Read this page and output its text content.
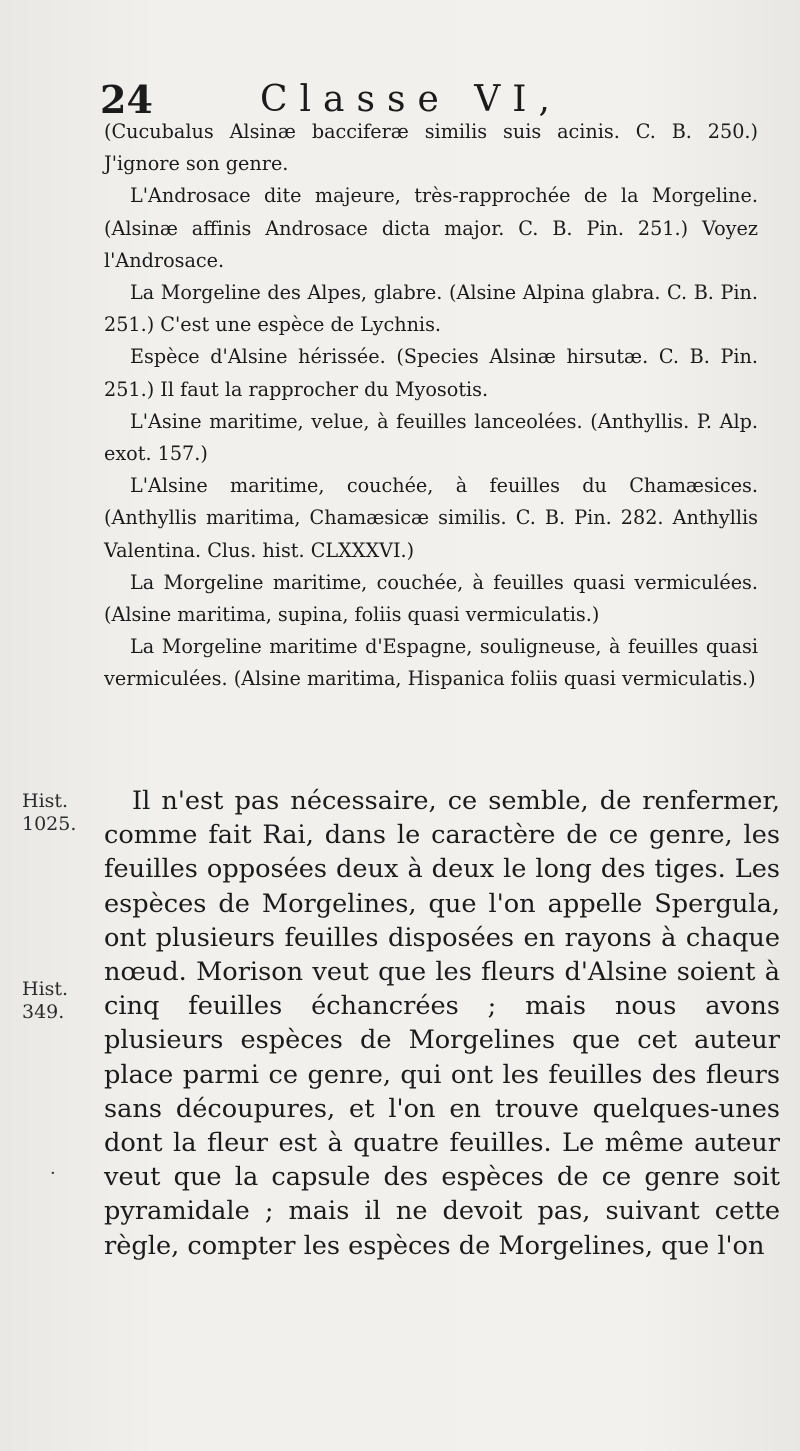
24	Classe VI,

(Cucubalus Alsinæ bacciferæ similis suis acinis. C. B. 250.) J'ignore son genre.

L'Androsace dite majeure, très-rapprochée de la Morgeline. (Alsinæ affinis Androsace dicta major. C. B. Pin. 251.) Voyez l'Androsace.

La Morgeline des Alpes, glabre. (Alsine Alpina glabra. C. B. Pin. 251.) C'est une espèce de Lychnis.

Espèce d'Alsine hérissée. (Species Alsinæ hirsutæ. C. B. Pin. 251.) Il faut la rapprocher du Myosotis.

L'Asine maritime, velue, à feuilles lanceolées. (Anthyllis. P. Alp. exot. 157.)

L'Alsine maritime, couchée, à feuilles du Chamæsices. (Anthyllis maritima, Chamæsicæ similis. C. B. Pin. 282. Anthyllis Valentina. Clus. hist. CLXXXVI.)

La Morgeline maritime, couchée, à feuilles quasi vermiculées. (Alsine maritima, supina, foliis quasi vermiculatis.)

La Morgeline maritime d'Espagne, souligneuse, à feuilles quasi vermiculées. (Alsine maritima, Hispanica foliis quasi vermiculatis.)

Hist.
1025.
Hist.
349.
·

Il n'est pas nécessaire, ce semble, de renfermer, comme fait Rai, dans le caractère de ce genre, les feuilles opposées deux à deux le long des tiges. Les espèces de Morgelines, que l'on appelle Spergula, ont plusieurs feuilles disposées en rayons à chaque nœud. Morison veut que les fleurs d'Alsine soient à cinq feuilles échancrées ; mais nous avons plusieurs espèces de Morgelines que cet auteur place parmi ce genre, qui ont les feuilles des fleurs sans découpures, et l'on en trouve quelques-unes dont la fleur est à quatre feuilles. Le même auteur veut que la capsule des espèces de ce genre soit pyramidale ; mais il ne devoit pas, suivant cette règle, compter les espèces de Morgelines, que l'on
